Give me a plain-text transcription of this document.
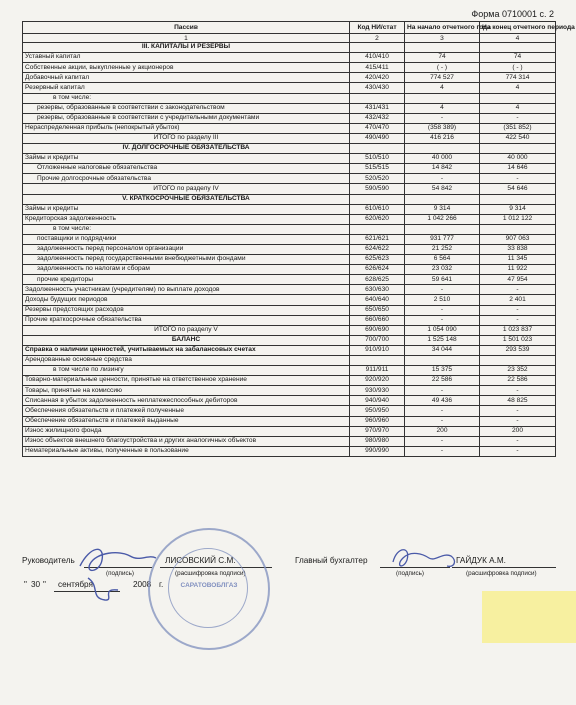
Форма 0710001 с. 2
Пассив	Код НИ/стат	На начало отчетного года	На конец отчетного периода
1	2	3	4
III. КАПИТАЛЫ И РЕЗЕРВЫ			
Уставный капитал	410/410	74	74
Собственные акции, выкупленные у акционеров	415/411	( - )	( - )
Добавочный капитал	420/420	774 527	774 314
Резервный капитал	430/430	4	4
в том числе:			
резервы, образованные в соответствии с законодательством	431/431	4	4
резервы, образованные в соответствии с учредительными документами	432/432	-	-
Нераспределенная прибыль (непокрытый убыток)	470/470	(358 389)	(351 852)
ИТОГО по разделу III	490/490	416 216	422 540
IV. ДОЛГОСРОЧНЫЕ ОБЯЗАТЕЛЬСТВА			
Займы и кредиты	510/510	40 000	40 000
Отложенные налоговые обязательства	515/515	14 842	14 646
Прочие долгосрочные обязательства	520/520	-	-
ИТОГО по разделу IV	590/590	54 842	54 646
V. КРАТКОСРОЧНЫЕ ОБЯЗАТЕЛЬСТВА			
Займы и кредиты	610/610	9 314	9 314
Кредиторская задолженность	620/620	1 042 266	1 012 122
в том числе:			
поставщики и подрядчики	621/621	931 777	907 063
задолженность перед персоналом организации	624/622	21 252	33 838
задолженность перед государственными внебюджетными фондами	625/623	6 564	11 345
задолженность по налогам и сборам	626/624	23 032	11 922
прочие кредиторы	628/625	59 641	47 954
Задолженность участникам (учредителям) по выплате доходов	630/630	-	-
Доходы будущих периодов	640/640	2 510	2 401
Резервы предстоящих расходов	650/650	-	-
Прочие краткосрочные обязательства	660/660	-	-
ИТОГО по разделу V	690/690	1 054 090	1 023 837
БАЛАНС	700/700	1 525 148	1 501 023
Справка о наличии ценностей, учитываемых на забалансовых счетах	910/910	34 044	293 539
Арендованные основные средства			
в том числе по лизингу	911/911	15 375	23 352
Товарно-материальные ценности, принятые на ответственное хранение	920/920	22 586	22 586
Товары, принятые на комиссию	930/930	-	-
Списанная в убыток задолженность неплатежеспособных дебиторов	940/940	49 436	48 825
Обеспечения обязательств и платежей полученные	950/950	-	-
Обеспечение обязательств и платежей выданные	960/960	-	-
Износ жилищного фонда	970/970	200	200
Износ объектов внешнего благоустройства и других аналогичных объектов	980/980	-	-
Нематериальные активы, полученные в пользование	990/990	-	-
Руководитель	ЛИСОВСКИЙ С.М.
(подпись)	(расшифровка подписи)
Главный бухгалтер	ГАЙДУК А.М.
(подпись)	(расшифровка подписи)
" 30 " сентября	2008 г.	САРАТОВОБЛГАЗ
